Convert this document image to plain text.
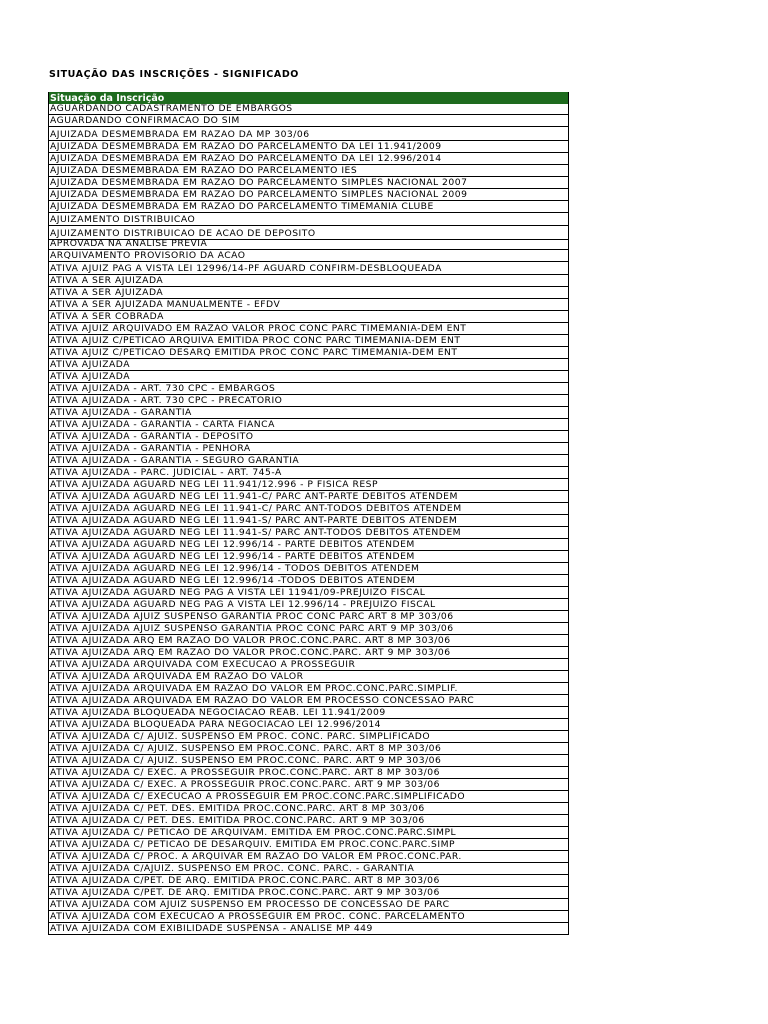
SITUAÇÃO DAS INSCRIÇÕES - SIGNIFICADO
Situação da Inscrição
AGUARDANDO CADASTRAMENTO DE EMBARGOS
AGUARDANDO CONFIRMACAO DO SIM
AJUIZADA DESMEMBRADA EM RAZAO DA MP 303/06
AJUIZADA DESMEMBRADA EM RAZAO DO PARCELAMENTO DA LEI 11.941/2009
AJUIZADA DESMEMBRADA EM RAZAO DO PARCELAMENTO DA LEI 12.996/2014
AJUIZADA DESMEMBRADA EM RAZAO DO PARCELAMENTO IES
AJUIZADA DESMEMBRADA EM RAZAO DO PARCELAMENTO SIMPLES NACIONAL 2007
AJUIZADA DESMEMBRADA EM RAZAO DO PARCELAMENTO SIMPLES NACIONAL 2009
AJUIZADA DESMEMBRADA EM RAZAO DO PARCELAMENTO TIMEMANIA CLUBE
AJUIZAMENTO DISTRIBUICAO
AJUIZAMENTO DISTRIBUICAO DE ACAO DE DEPOSITO
APROVADA NA ANALISE PREVIA
ARQUIVAMENTO PROVISORIO DA ACAO
ATIVA AJUIZ PAG A VISTA LEI 12996/14-PF AGUARD CONFIRM-DESBLOQUEADA
ATIVA A SER AJUIZADA
ATIVA A SER AJUIZADA
ATIVA A SER AJUIZADA MANUALMENTE - EFDV
ATIVA A SER COBRADA
ATIVA AJUIZ ARQUIVADO EM RAZAO VALOR PROC CONC PARC TIMEMANIA-DEM ENT
ATIVA AJUIZ C/PETICAO ARQUIVA EMITIDA PROC CONC PARC TIMEMANIA-DEM ENT
ATIVA AJUIZ C/PETICAO DESARQ EMITIDA PROC CONC PARC TIMEMANIA-DEM ENT
ATIVA AJUIZADA
ATIVA AJUIZADA
ATIVA AJUIZADA - ART. 730 CPC - EMBARGOS
ATIVA AJUIZADA - ART. 730 CPC - PRECATORIO
ATIVA AJUIZADA - GARANTIA
ATIVA AJUIZADA - GARANTIA - CARTA FIANCA
ATIVA AJUIZADA - GARANTIA - DEPOSITO
ATIVA AJUIZADA - GARANTIA - PENHORA
ATIVA AJUIZADA - GARANTIA - SEGURO GARANTIA
ATIVA AJUIZADA - PARC. JUDICIAL - ART. 745-A
ATIVA AJUIZADA AGUARD NEG LEI 11.941/12.996 - P FISICA RESP
ATIVA AJUIZADA AGUARD NEG LEI 11.941-C/ PARC ANT-PARTE DEBITOS ATENDEM
ATIVA AJUIZADA AGUARD NEG LEI 11.941-C/ PARC ANT-TODOS DEBITOS ATENDEM
ATIVA AJUIZADA AGUARD NEG LEI 11.941-S/ PARC ANT-PARTE DEBITOS ATENDEM
ATIVA AJUIZADA AGUARD NEG LEI 11.941-S/ PARC ANT-TODOS DEBITOS ATENDEM
ATIVA AJUIZADA AGUARD NEG LEI 12.996/14 - PARTE DEBITOS ATENDEM
ATIVA AJUIZADA AGUARD NEG LEI 12.996/14 - PARTE DEBITOS ATENDEM
ATIVA AJUIZADA AGUARD NEG LEI 12.996/14 - TODOS DEBITOS ATENDEM
ATIVA AJUIZADA AGUARD NEG LEI 12.996/14 -TODOS DEBITOS ATENDEM
ATIVA AJUIZADA AGUARD NEG PAG A VISTA LEI 11941/09-PREJUIZO FISCAL
ATIVA AJUIZADA AGUARD NEG PAG A VISTA LEI 12.996/14 - PREJUIZO FISCAL
ATIVA AJUIZADA AJUIZ SUSPENSO GARANTIA PROC CONC PARC ART 8 MP 303/06
ATIVA AJUIZADA AJUIZ SUSPENSO GARANTIA PROC CONC PARC ART 9 MP 303/06
ATIVA AJUIZADA ARQ EM RAZAO DO VALOR PROC.CONC.PARC. ART 8 MP 303/06
ATIVA AJUIZADA ARQ EM RAZAO DO VALOR PROC.CONC.PARC. ART 9 MP 303/06
ATIVA AJUIZADA ARQUIVADA COM EXECUCAO A PROSSEGUIR
ATIVA AJUIZADA ARQUIVADA EM RAZAO DO VALOR
ATIVA AJUIZADA ARQUIVADA EM RAZAO DO VALOR EM PROC.CONC.PARC.SIMPLIF.
ATIVA AJUIZADA ARQUIVADA EM RAZAO DO VALOR EM PROCESSO CONCESSAO PARC
ATIVA AJUIZADA BLOQUEADA NEGOCIACAO REAB. LEI 11.941/2009
ATIVA AJUIZADA BLOQUEADA PARA NEGOCIACAO LEI 12.996/2014
ATIVA AJUIZADA C/ AJUIZ. SUSPENSO EM PROC. CONC. PARC. SIMPLIFICADO
ATIVA AJUIZADA C/ AJUIZ. SUSPENSO EM PROC.CONC. PARC. ART 8 MP 303/06
ATIVA AJUIZADA C/ AJUIZ. SUSPENSO EM PROC.CONC. PARC. ART 9 MP 303/06
ATIVA AJUIZADA C/ EXEC. A PROSSEGUIR PROC.CONC.PARC. ART 8 MP 303/06
ATIVA AJUIZADA C/ EXEC. A PROSSEGUIR PROC.CONC.PARC. ART 9 MP 303/06
ATIVA AJUIZADA C/ EXECUCAO A PROSSEGUIR EM PROC.CONC.PARC.SIMPLIFICADO
ATIVA AJUIZADA C/ PET. DES. EMITIDA PROC.CONC.PARC. ART 8 MP 303/06
ATIVA AJUIZADA C/ PET. DES. EMITIDA PROC.CONC.PARC. ART 9 MP 303/06
ATIVA AJUIZADA C/ PETICAO DE ARQUIVAM. EMITIDA EM PROC.CONC.PARC.SIMPL
ATIVA AJUIZADA C/ PETICAO DE DESARQUIV. EMITIDA EM PROC.CONC.PARC.SIMP
ATIVA AJUIZADA C/ PROC. A ARQUIVAR EM RAZAO DO VALOR EM PROC.CONC.PAR.
ATIVA AJUIZADA C/AJUIZ. SUSPENSO EM PROC. CONC. PARC. - GARANTIA
ATIVA AJUIZADA C/PET. DE ARQ. EMITIDA PROC.CONC.PARC. ART 8 MP 303/06
ATIVA AJUIZADA C/PET. DE ARQ. EMITIDA PROC.CONC.PARC. ART 9 MP 303/06
ATIVA AJUIZADA COM AJUIZ SUSPENSO EM PROCESSO DE CONCESSAO DE PARC
ATIVA AJUIZADA COM EXECUCAO A PROSSEGUIR EM PROC. CONC. PARCELAMENTO
ATIVA AJUIZADA COM EXIBILIDADE SUSPENSA - ANALISE MP 449
